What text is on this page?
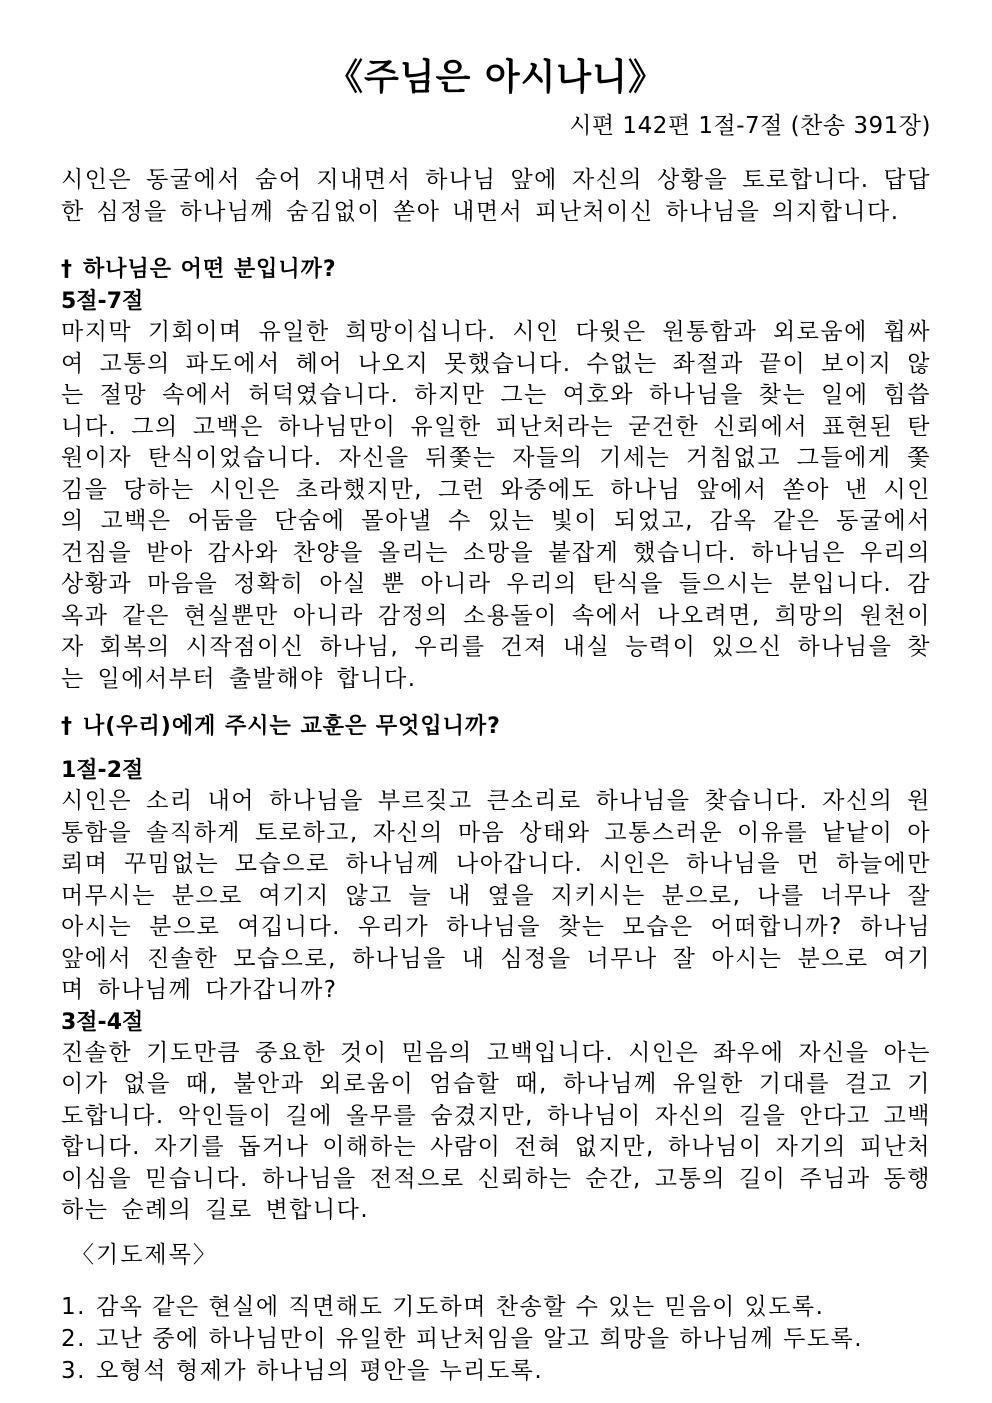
《주님은 아시나니》

시편 142편 1절-7절 (찬송 391장)

시인은 동굴에서 숨어 지내면서 하나님 앞에 자신의 상황을 토로합니다. 답답한 심정을 하나님께 숨김없이 쏟아 내면서 피난처이신 하나님을 의지합니다.

† 하나님은 어떤 분입니까?

5절-7절

마지막 기회이며 유일한 희망이십니다. 시인 다윗은 원통함과 외로움에 휩싸여 고통의 파도에서 헤어 나오지 못했습니다. 수없는 좌절과 끝이 보이지 않는 절망 속에서 허덕였습니다. 하지만 그는 여호와 하나님을 찾는 일에 힘씁니다. 그의 고백은 하나님만이 유일한 피난처라는 굳건한 신뢰에서 표현된 탄원이자 탄식이었습니다. 자신을 뒤쫓는 자들의 기세는 거침없고 그들에게 쫓김을 당하는 시인은 초라했지만, 그런 와중에도 하나님 앞에서 쏟아 낸 시인의 고백은 어둠을 단숨에 몰아낼 수 있는 빛이 되었고, 감옥 같은 동굴에서 건짐을 받아 감사와 찬양을 올리는 소망을 붙잡게 했습니다. 하나님은 우리의 상황과 마음을 정확히 아실 뿐 아니라 우리의 탄식을 들으시는 분입니다. 감옥과 같은 현실뿐만 아니라 감정의 소용돌이 속에서 나오려면, 희망의 원천이자 회복의 시작점이신 하나님, 우리를 건져 내실 능력이 있으신 하나님을 찾는 일에서부터 출발해야 합니다.

† 나(우리)에게 주시는 교훈은 무엇입니까?

1절-2절

시인은 소리 내어 하나님을 부르짖고 큰소리로 하나님을 찾습니다. 자신의 원통함을 솔직하게 토로하고, 자신의 마음 상태와 고통스러운 이유를 낱낱이 아뢰며 꾸밈없는 모습으로 하나님께 나아갑니다. 시인은 하나님을 먼 하늘에만 머무시는 분으로 여기지 않고 늘 내 옆을 지키시는 분으로, 나를 너무나 잘 아시는 분으로 여깁니다. 우리가 하나님을 찾는 모습은 어떠합니까? 하나님 앞에서 진솔한 모습으로, 하나님을 내 심정을 너무나 잘 아시는 분으로 여기며 하나님께 다가갑니까?

3절-4절

진솔한 기도만큼 중요한 것이 믿음의 고백입니다. 시인은 좌우에 자신을 아는 이가 없을 때, 불안과 외로움이 엄습할 때, 하나님께 유일한 기대를 걸고 기도합니다. 악인들이 길에 올무를 숨겼지만, 하나님이 자신의 길을 안다고 고백합니다. 자기를 돕거나 이해하는 사람이 전혀 없지만, 하나님이 자기의 피난처이심을 믿습니다. 하나님을 전적으로 신뢰하는 순간, 고통의 길이 주님과 동행하는 순례의 길로 변합니다.

〈기도제목〉

1. 감옥 같은 현실에 직면해도 기도하며 찬송할 수 있는 믿음이 있도록.
2. 고난 중에 하나님만이 유일한 피난처임을 알고 희망을 하나님께 두도록.
3. 오형석 형제가 하나님의 평안을 누리도록.
